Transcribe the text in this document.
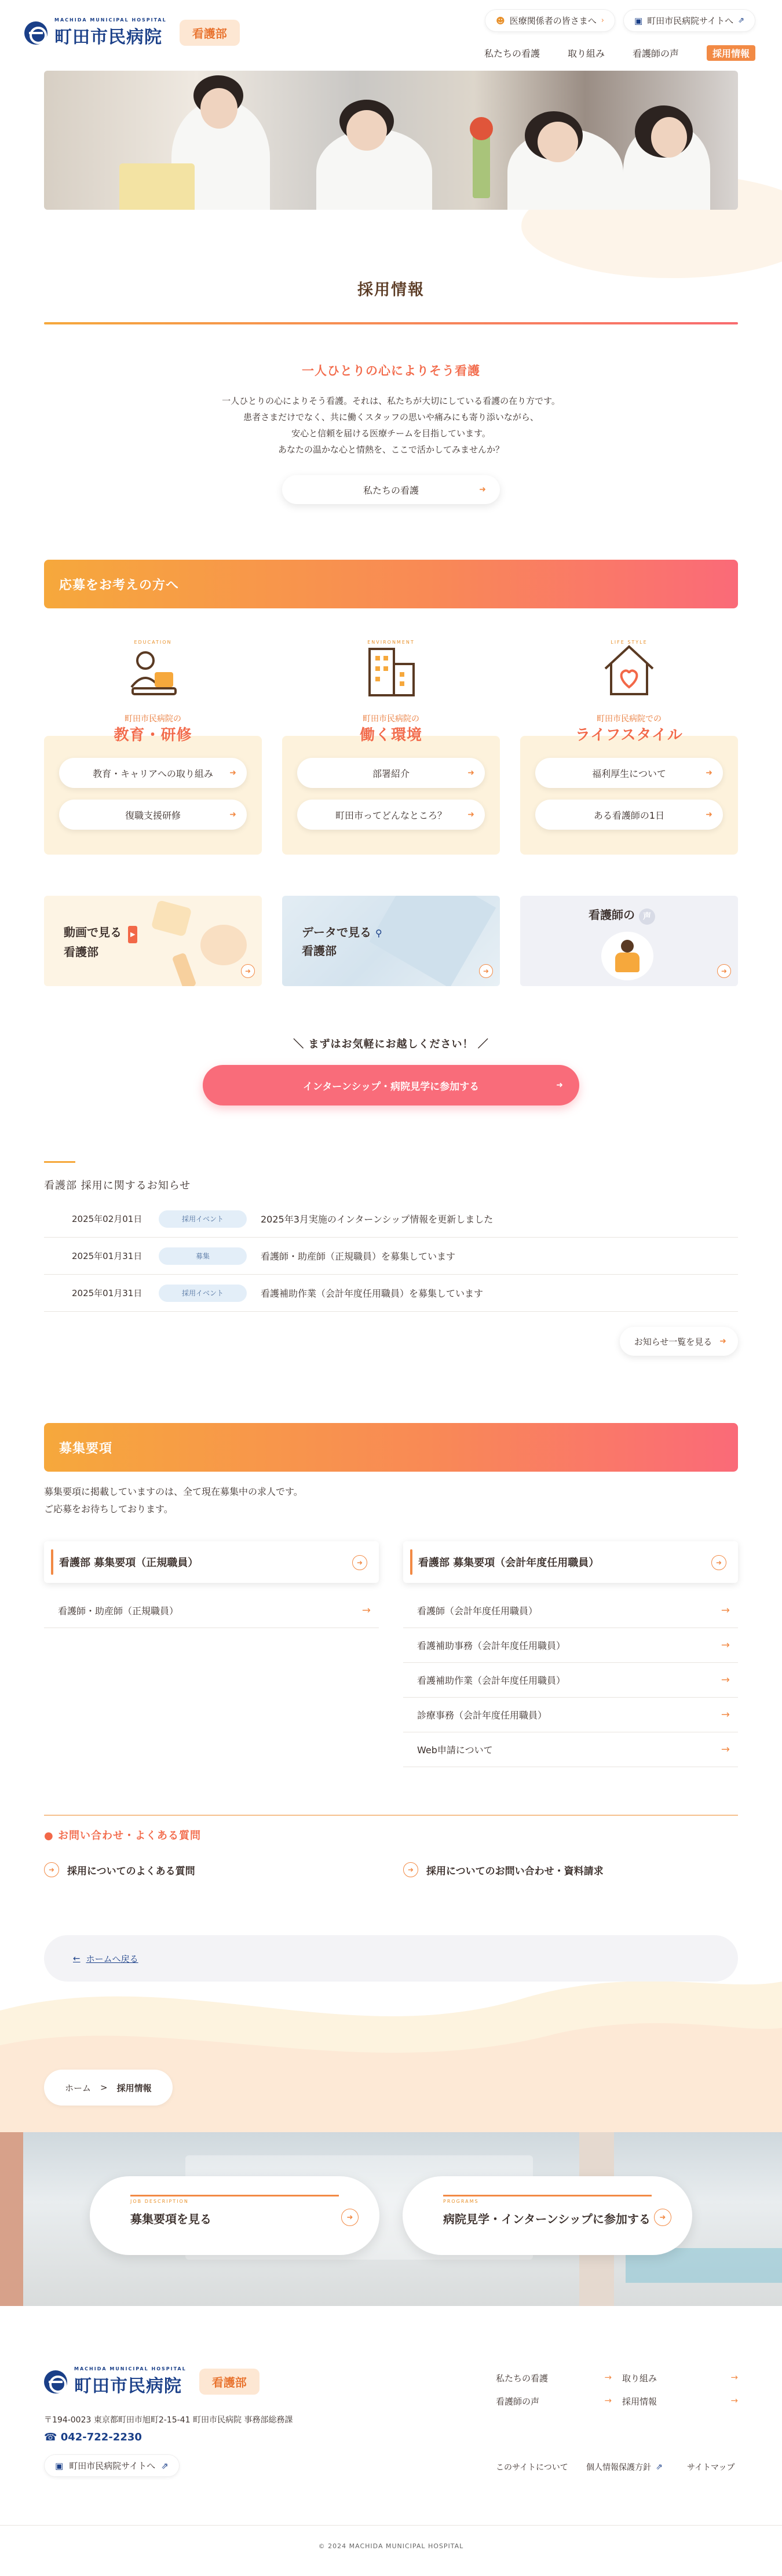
MACHIDA MUNICIPAL HOSPITAL
町田市民病院	看護部
☻ 医療関係者の皆さまへ ›	▣ 町田市民病院サイトへ ⇗
私たちの看護	取り組み	看護師の声	採用情報
採用情報
一人ひとりの心によりそう看護

一人ひとりの心によりそう看護。それは、私たちが大切にしている看護の在り方です。

患者さまだけでなく、共に働くスタッフの思いや痛みにも寄り添いながら、

安心と信頼を届ける医療チームを目指しています。

あなたの温かな心と情熱を、ここで活かしてみませんか？

私たちの看護	➜
応募をお考えの方へ
EDUCATION
町田市民病院の
教育・研修
教育・キャリアへの取り組み ➜
復職支援研修	➜
ENVIRONMENT
町田市民病院の
働く環境
部署紹介	➜
町田市ってどんなところ？	➜
LIFE STYLE
町田市民病院での
ライフスタイル
福利厚生について	➜
ある看護師の1日	➜
動画で見る ▶
看護部
➜
データで見る ⚲
看護部
➜
看護師の 声
➜
＼ まずはお気軽にお越しください！ ／
インターンシップ・病院見学に参加する	➜
看護部 採用に関するお知らせ
2025年02月01日	採用イベント	2025年3月実施のインターンシップ情報を更新しました
2025年01月31日	募集	看護師・助産師（正規職員）を募集しています
2025年01月31日	採用イベント	看護補助作業（会計年度任用職員）を募集しています
お知らせ一覧を見る ➜
募集要項

募集要項に掲載していますのは、全て現在募集中の求人です。

ご応募をお待ちしております。

看護部 募集要項（正規職員）	➜
看護師・助産師（正規職員）	→
看護部 募集要項（会計年度任用職員）	➜
看護師（会計年度任用職員）	→
看護補助事務（会計年度任用職員）	→
看護補助作業（会計年度任用職員）	→
診療事務（会計年度任用職員）	→
Web申請について	→
● お問い合わせ・よくある質問
➜	採用についてのよくある質問	➜	採用についてのお問い合わせ・資料請求
← ホームへ戻る
ホーム > 採用情報
JOB DESCRIPTION
募集要項を見る	➜
PROGRAMS
病院見学・インターンシップに参加する	➜
MACHIDA MUNICIPAL HOSPITAL
町田市民病院	看護部
〒194-0023 東京都町田市旭町2-15-41 町田市民病院 事務部総務課
☎ 042-722-2230
▣ 町田市民病院サイトへ ⇗
私たちの看護	→ 取り組み	→
看護師の声	→ 採用情報	→
このサイトについて 個人情報保護方針 ⇗	サイトマップ
© 2024 MACHIDA MUNICIPAL HOSPITAL
